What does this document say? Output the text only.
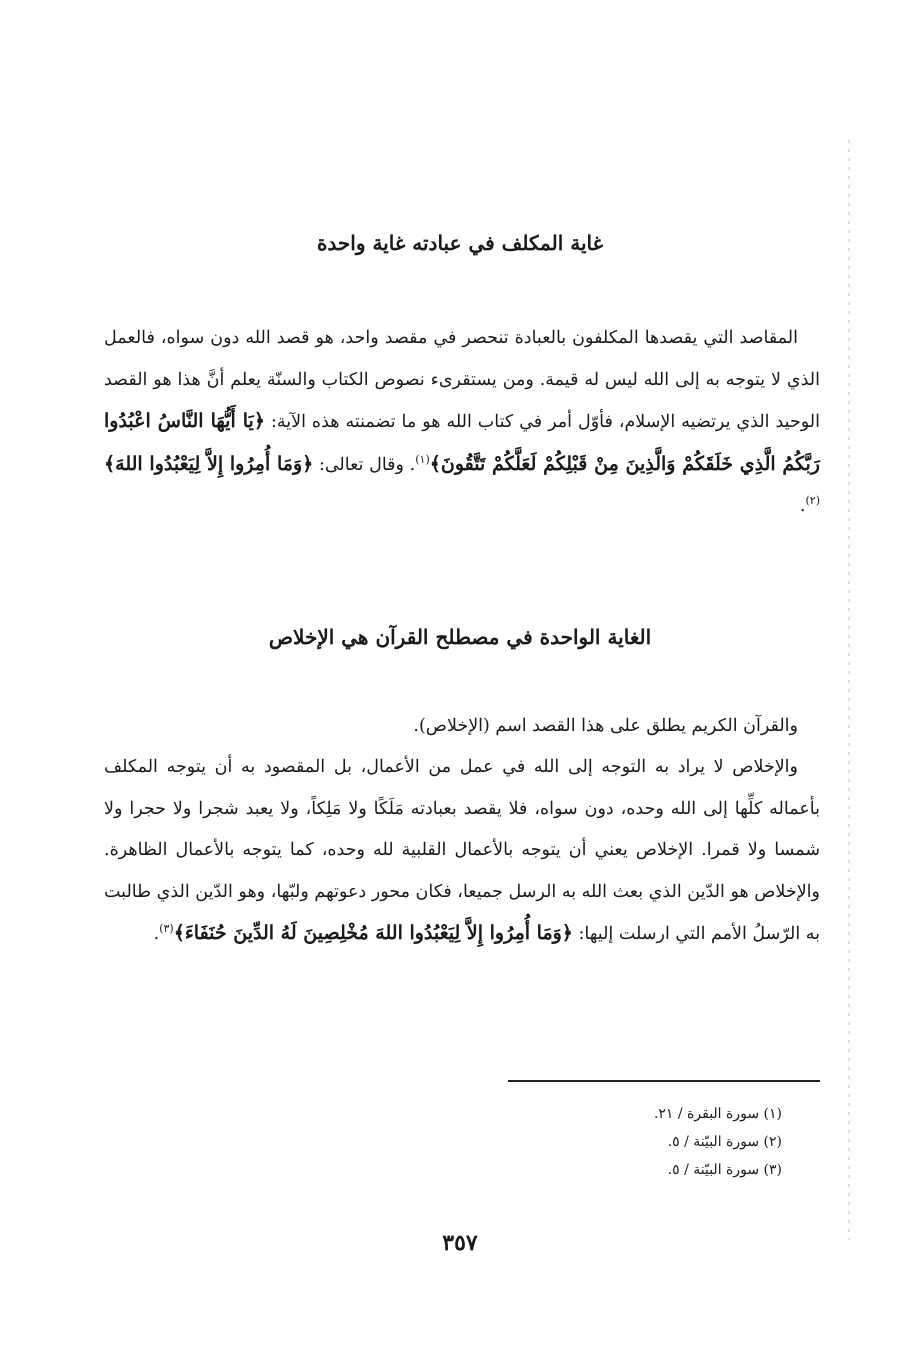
غاية المكلف في عبادته غاية واحدة

المقاصد التي يقصدها المكلفون بالعبادة تنحصر في مقصد واحد، هو قصد الله دون سواه، فالعمل الذي لا يتوجه به إلى الله ليس له قيمة. ومن يستقرىء نصوص الكتاب والسنّة يعلم أنَّ هذا هو القصد الوحيد الذي يرتضيه الإسلام، فأوّل أمر في كتاب الله هو ما تضمنته هذه الآية: ﴿يَا أَيُّهَا النَّاسُ اعْبُدُوا رَبَّكُمُ الَّذِي خَلَقَكُمْ وَالَّذِينَ مِنْ قَبْلِكُمْ لَعَلَّكُمْ تَتَّقُونَ﴾$^{(١)}$. وقال تعالى: ﴿وَمَا أُمِرُوا إِلاَّ لِيَعْبُدُوا اللهَ﴾$^{(٢)}$.

الغاية الواحدة في مصطلح القرآن هي الإخلاص

والقرآن الكريم يطلق على هذا القصد اسم (الإخلاص).

والإخلاص لا يراد به التوجه إلى الله في عمل من الأعمال، بل المقصود به أن يتوجه المكلف بأعماله كلِّها إلى الله وحده، دون سواه، فلا يقصد بعبادته مَلَكًا ولا مَلِكاً، ولا يعبد شجرا ولا حجرا ولا شمسا ولا قمرا. الإخلاص يعني أن يتوجه بالأعمال القلبية لله وحده، كما يتوجه بالأعمال الظاهرة. والإخلاص هو الدّين الذي بعث الله به الرسل جميعا، فكان محور دعوتهم ولبّها، وهو الدّين الذي طالبت به الرّسلُ الأمم التي ارسلت إليها: ﴿وَمَا أُمِرُوا إِلاَّ لِيَعْبُدُوا اللهَ مُخْلِصِينَ لَهُ الدِّينَ حُنَفَاءَ﴾$^{(٣)}$.

(١) سورة البقرة / ٢١.
(٢) سورة البيّنة / ٥.
(٣) سورة البيّنة / ٥.
٣٥٧
